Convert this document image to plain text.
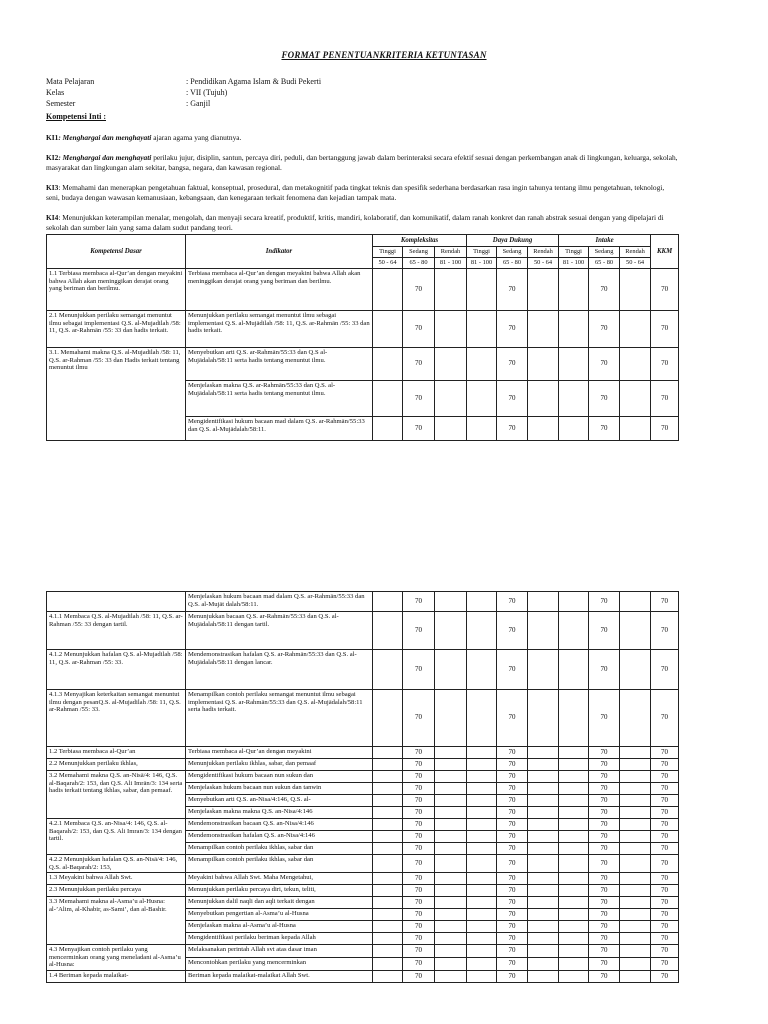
FORMAT PENENTUANKRITERIA KETUNTASAN
Mata Pelajaran	: Pendidikan Agama Islam & Budi Pekerti
Kelas	: VII (Tujuh)
Semester	: Ganjil
Kompetensi Inti :
KI1: Menghargai dan menghayati ajaran agama yang dianutnya.
KI2: Menghargai dan menghayati perilaku jujur, disiplin, santun, percaya diri, peduli, dan bertanggung jawab dalam berinteraksi secara efektif sesuai dengan perkembangan anak di lingkungan, keluarga, sekolah, masyarakat dan lingkungan alam sekitar, bangsa, negara, dan kawasan regional.
KI3: Memahami dan menerapkan pengetahuan faktual, konseptual, prosedural, dan metakognitif pada tingkat teknis dan spesifik sederhana berdasarkan rasa ingin tahunya tentang ilmu pengetahuan, teknologi, seni, budaya dengan wawasan kemanusiaan, kebangsaan, dan kenegaraan terkait fenomena dan kejadian tampak mata.
KI4: Menunjukkan keterampilan menalar, mengolah, dan menyaji secara kreatif, produktif, kritis, mandiri, kolaboratif, dan komunikatif, dalam ranah konkret dan ranah abstrak sesuai dengan yang dipelajari di sekolah dan sumber lain yang sama dalam sudut pandang teori.
Kompetensi Dasar	Indikator	Kompleksitas			Daya Dukung			Intake			KKM
		Tinggi	Sedang	Rendah	Tinggi	Sedang	Rendah	Tinggi	Sedang	Rendah	
		50 - 64	65 - 80	81 - 100	81 - 100	65 - 80	50 - 64	81 - 100	65 - 80	50 - 64	
1.1 Terbiasa membaca al-Qur’an dengan meyakini bahwa Allah akan meninggikan derajat orang yang beriman dan berilmu.	Terbiasa membaca al-Qur’an dengan meyakini bahwa Allah akan meninggikan derajat orang yang beriman dan berilmu.		70			70			70		70
2.1 Menunjukkan perilaku semangat menuntut ilmu sebagai implementasi Q.S. al-Mujadilah /58: 11, Q.S. ar-Rahmān /55: 33 dan hadis terkait.	Menunjukkan perilaku semangat menuntut ilmu sebagai implementasi Q.S. al-Mujādilah /58: 11, Q.S. ar-Rahmān /55: 33 dan hadis terkait.		70			70			70		70
3.1. Memahami makna Q.S. al-Mujadilah /58: 11, Q.S. ar-Rahman /55: 33 dan Hadis terkait tentang menuntut ilmu	Menyebutkan arti Q.S. ar-Rahmān/55:33 dan Q.S al-Mujādalah/58:11 serta hadis tentang menuntut ilmu.		70			70			70		70
	Menjelaskan makna Q.S. ar-Rahmān/55:33 dan Q.S. al-Mujādalah/58:11 serta hadis tentang menuntut ilmu.		70			70			70		70
	Mengidentifikasi hukum bacaan mad dalam Q.S. ar-Rahmān/55:33 dan Q.S. al-Mujādalah/58:11.		70			70			70		70
	Menjelaskan hukum bacaan mad dalam Q.S. ar-Rahmān/55:33 dan Q.S. al-Mujāt dalah/58:11.		70			70			70		70
4.1.1 Membaca Q.S. al-Mujadilah /58: 11, Q.S. ar-Rahman /55: 33 dengan tartil.	Menunjukkan bacaan Q.S. ar-Rahmān/55:33 dan Q.S. al-Mujādalah/58:11 dengan tartil.		70			70			70		70
4.1.2 Menunjukkan hafalan Q.S. al-Mujadilah /58: 11, Q.S. ar-Rahman /55: 33.	Mendemonstrasikan hafalan Q.S. ar-Rahmān/55:33 dan Q.S. al-Mujādalah/58:11 dengan lancar.		70			70			70		70
4.1.3 Menyajikan keterkaitan semangat menuntut ilmu dengan pesanQ.S. al-Mujadilah /58: 11, Q.S. ar-Rahman /55: 33.	Menampilkan contoh perilaku semangat menuntut ilmu sebagai implementasi Q.S. ar-Rahmān/55:33 dan Q.S. al-Mujādalah/58:11 serta hadis terkait.		70			70			70		70
1.2 Terbiasa membaca al-Qur’an	Terbiasa membaca al-Qur’an dengan meyakini		70			70			70		70
2.2 Menunjukkan perilaku ikhlas,	Menunjukkan perilaku ikhlas, sabar, dan pemaaf		70			70			70		70
3.2 Memahami makna Q.S. an-Nisā/4: 146, Q.S. al-Baqarah/2: 153, dan Q.S. Ali Imrān/3: 134 serta hadis terkait tentang ikhlas, sabar, dan pemaaf.	Mengidentifikasi hukum bacaan nun sukun dan		70			70			70		70
	Menjelaskan hukum bacaan nun sukun dan tanwin		70			70			70		70
	Menyebutkan arti Q.S. an-Nisa/4:146, Q.S. al-		70			70			70		70
	Menjelaskan makna makna Q.S. an-Nisa/4:146		70			70			70		70
4.2.1 Membaca Q.S. an-Nisa/4: 146, Q.S. al-Baqarah/2: 153, dan Q.S. Ali Imran/3: 134 dengan tartil.	Mendemonstrasikan bacaan Q.S. an-Nisa/4:146		70			70			70		70
	Mendemonstrasikan hafalan Q.S. an-Nisa/4:146		70			70			70		70
	Menampilkan contoh perilaku ikhlas, sabar dan		70			70			70		70
4.2.2 Menunjukkan hafalan Q.S. an-Nisā/4: 146, Q.S. al-Baqarah/2: 153,	Menampilkan contoh perilaku ikhlas, sabar dan		70			70			70		70
1.3 Meyakini bahwa Allah Swt.	Meyakini bahwa Allah Swt. Maha Mengetahui,		70			70			70		70
2.3 Menunjukkan perilaku percaya	Menunjukkan perilaku percaya diri, tekun, teliti,		70			70			70		70
3.3 Memahami makna al-Asma’u al-Husna: al-’Alim, al-Khabir, as-Sami’, dan al-Bashir.	Menunjukkan dalil naqli dan aqli terkait dengan		70			70			70		70
	Menyebutkan pengertian al-Asma’u al-Husna		70			70			70		70
	Menjelaskan makna al-Asma’u al-Husna		70			70			70		70
	Mengidentifikasi perilaku beriman kepada Allah		70			70			70		70
4.3 Menyajikan contoh perilaku yang mencerminkan orang yang meneladani al-Asma’u al-Husna:	Melaksanakan perintah Allah svt atas dasar iman		70			70			70		70
	Mencontohkan perilaku yang mencerminkan		70			70			70		70
1.4 Beriman kepada malaikat-	Beriman kepada malaikat-malaikat Allah Swt.		70			70			70		70
